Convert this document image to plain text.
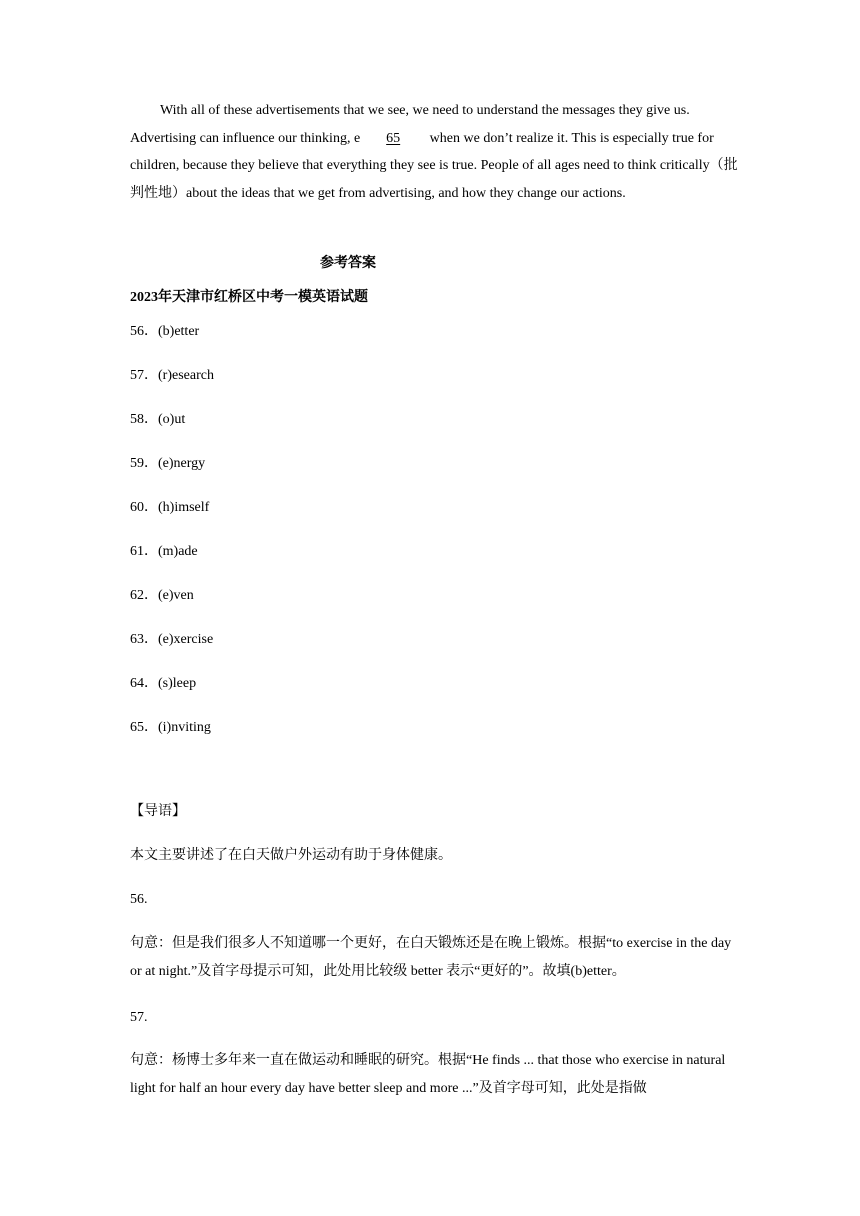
With all of these advertisements that we see, we need to understand the messages they give us. Advertising can influence our thinking, e 65 when we don’t realize it. This is especially true for children, because they believe that everything they see is true. People of all ages need to think critically（批判性地）about the ideas that we get from advertising, and how they change our actions.

参考答案

2023年天津市红桥区中考一模英语试题

56．(b)etter

57．(r)esearch

58．(o)ut

59．(e)nergy

60．(h)imself

61．(m)ade

62．(e)ven

63．(e)xercise

64．(s)leep

65．(i)nviting

【导语】

本文主要讲述了在白天做户外运动有助于身体健康。

56.

句意：但是我们很多人不知道哪一个更好，在白天锻炼还是在晚上锻炼。根据“to exercise in the day or at night.”及首字母提示可知，此处用比较级 better 表示“更好的”。故填(b)etter。

57.

句意：杨博士多年来一直在做运动和睡眠的研究。根据“He finds ... that those who exercise in natural light for half an hour every day have better sleep and more ...”及首字母可知，此处是指做
